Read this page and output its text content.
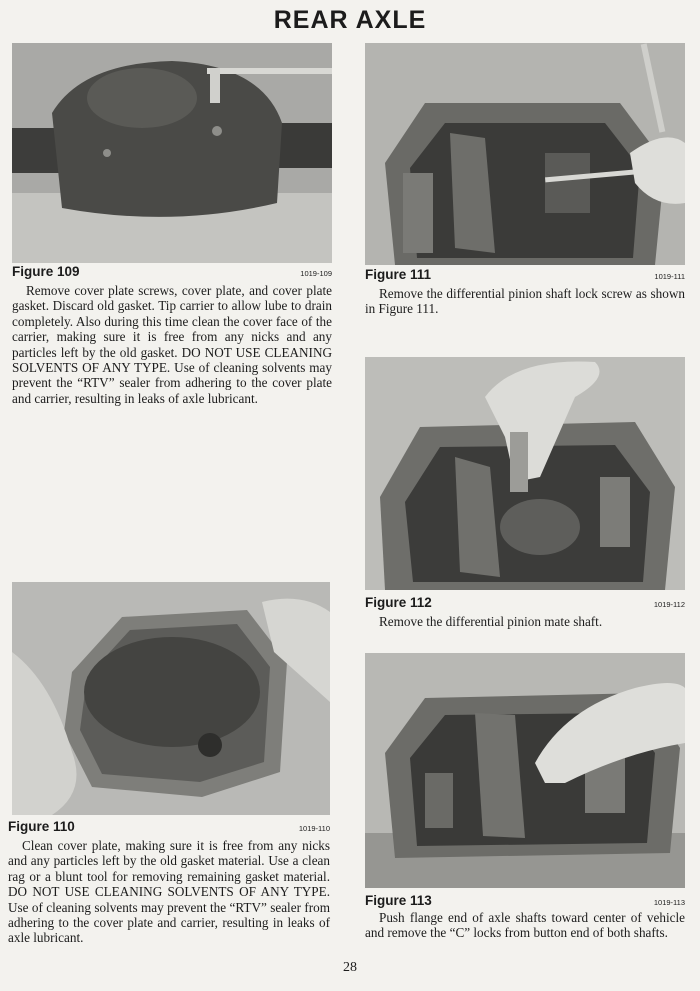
REAR AXLE
Figure 109	1019-109

Remove cover plate screws, cover plate, and cover plate gasket. Discard old gasket. Tip carrier to allow lube to drain completely. Also during this time clean the cover face of the carrier, making sure it is free from any nicks and any particles left by the old gasket. DO NOT USE CLEANING SOLVENTS OF ANY TYPE. Use of cleaning solvents may prevent the “RTV” sealer from adhering to the cover plate and carrier, resulting in leaks of axle lubricant.

Figure 110	1019-110

Clean cover plate, making sure it is free from any nicks and any particles left by the old gasket material. Use a clean rag or a blunt tool for removing remaining gasket material. DO NOT USE CLEANING SOLVENTS OF ANY TYPE. Use of cleaning solvents may prevent the “RTV” sealer from adhering to the cover plate and carrier, resulting in leaks of axle lubricant.

Figure 111	1019-111

Remove the differential pinion shaft lock screw as shown in Figure 111.

Figure 112	1019-112

Remove the differential pinion mate shaft.

Figure 113	1019-113

Push flange end of axle shafts toward center of vehicle and remove the “C” locks from button end of both shafts.

28
